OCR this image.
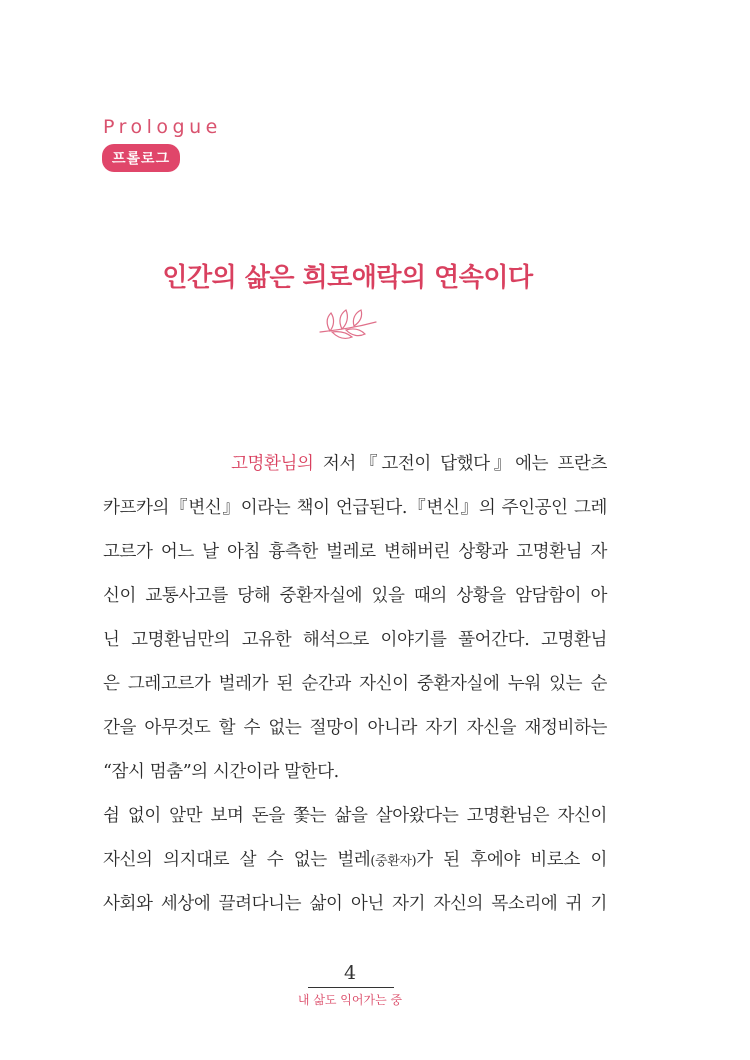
Prologue
프롤로그
인간의 삶은 희로애락의 연속이다
고명환님의 저서『고전이 답했다』에는 프란츠
카프카의『변신』이라는 책이 언급된다.『변신』의 주인공인 그레
고르가 어느 날 아침 흉측한 벌레로 변해버린 상황과 고명환님 자
신이 교통사고를 당해 중환자실에 있을 때의 상황을 암담함이 아
닌 고명환님만의 고유한 해석으로 이야기를 풀어간다. 고명환님
은 그레고르가 벌레가 된 순간과 자신이 중환자실에 누워 있는 순
간을 아무것도 할 수 없는 절망이 아니라 자기 자신을 재정비하는
“잠시 멈춤”의 시간이라 말한다.
쉼 없이 앞만 보며 돈을 쫓는 삶을 살아왔다는 고명환님은 자신이
자신의 의지대로 살 수 없는 벌레(중환자)가 된 후에야 비로소 이
사회와 세상에 끌려다니는 삶이 아닌 자기 자신의 목소리에 귀 기
4
내 삶도 익어가는 중
